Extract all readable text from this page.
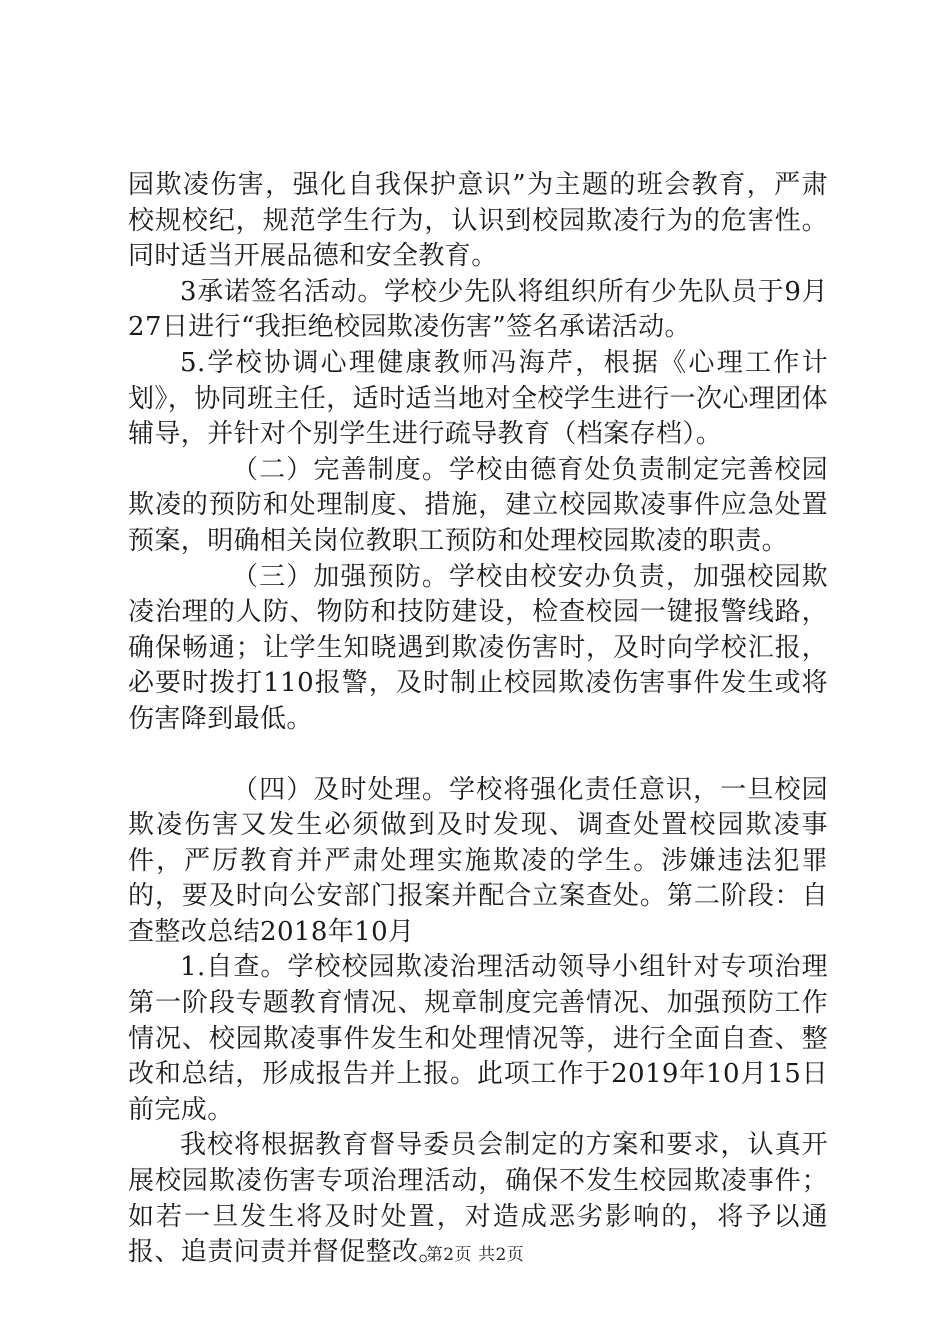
园欺凌伤害，强化自我保护意识”为主题的班会教育，严肃校规校纪，规范学生行为，认识到校园欺凌行为的危害性。同时适当开展品德和安全教育。

3承诺签名活动。学校少先队将组织所有少先队员于9月27日进行“我拒绝校园欺凌伤害”签名承诺活动。

5.学校协调心理健康教师冯海芹，根据《心理工作计划》，协同班主任，适时适当地对全校学生进行一次心理团体辅导，并针对个别学生进行疏导教育（档案存档）。

（二）完善制度。学校由德育处负责制定完善校园欺凌的预防和处理制度、措施，建立校园欺凌事件应急处置预案，明确相关岗位教职工预防和处理校园欺凌的职责。

（三）加强预防。学校由校安办负责，加强校园欺凌治理的人防、物防和技防建设，检查校园一键报警线路，确保畅通；让学生知晓遇到欺凌伤害时，及时向学校汇报，必要时拨打110报警，及时制止校园欺凌伤害事件发生或将伤害降到最低。

（四）及时处理。学校将强化责任意识，一旦校园欺凌伤害又发生必须做到及时发现、调查处置校园欺凌事件，严厉教育并严肃处理实施欺凌的学生。涉嫌违法犯罪的，要及时向公安部门报案并配合立案查处。第二阶段：自查整改总结2018年10月

1.自查。学校校园欺凌治理活动领导小组针对专项治理第一阶段专题教育情况、规章制度完善情况、加强预防工作情况、校园欺凌事件发生和处理情况等，进行全面自查、整改和总结，形成报告并上报。此项工作于2019年10月15日前完成。

我校将根据教育督导委员会制定的方案和要求，认真开展校园欺凌伤害专项治理活动，确保不发生校园欺凌事件；如若一旦发生将及时处置，对造成恶劣影响的，将予以通报、追责问责并督促整改。

第2页 共2页
